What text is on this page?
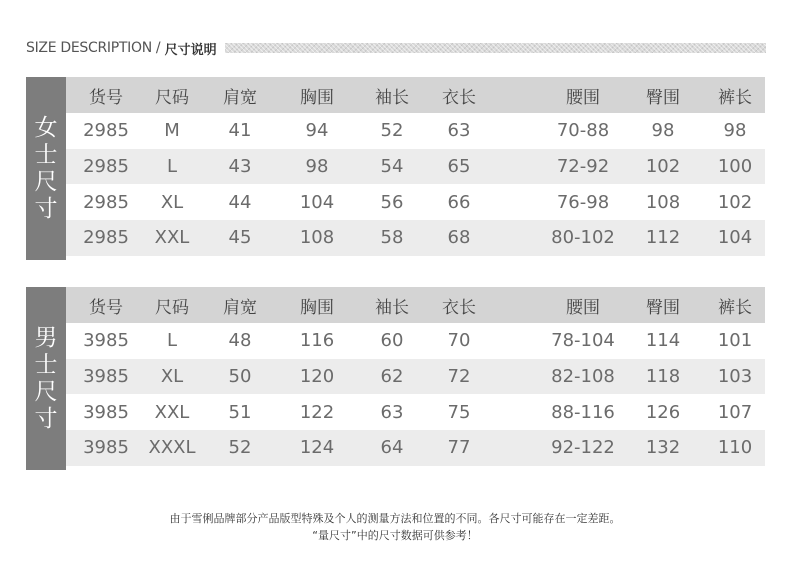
SIZE DESCRIPTION / 尺寸说明
女
士
尺
寸
货号 尺码 肩宽	胸围 袖长 衣长	腰围	臀围 裤长
2985 M	41	94	52 63	70-88 98	98
2985 L	43	98	54 65	72-92 102 100
2985 XL	44	104	56 66	76-98 108 102
2985 XXL 45	108	58 68	80-102 112 104
男
士
尺
寸
货号 尺码 肩宽	胸围 袖长 衣长	腰围	臀围 裤长
3985 L	48	116	60 70	78-104 114 101
3985 XL	50	120	62 72	82-108 118 103
3985 XXL 51	122	63 75	88-116 126 107
3985 XXXL 52	124	64 77	92-122 132 110
由于雪俐品牌部分产品版型特殊及个人的测量方法和位置的不同。各尺寸可能存在一定差距。
“量尺寸”中的尺寸数据可供参考！
